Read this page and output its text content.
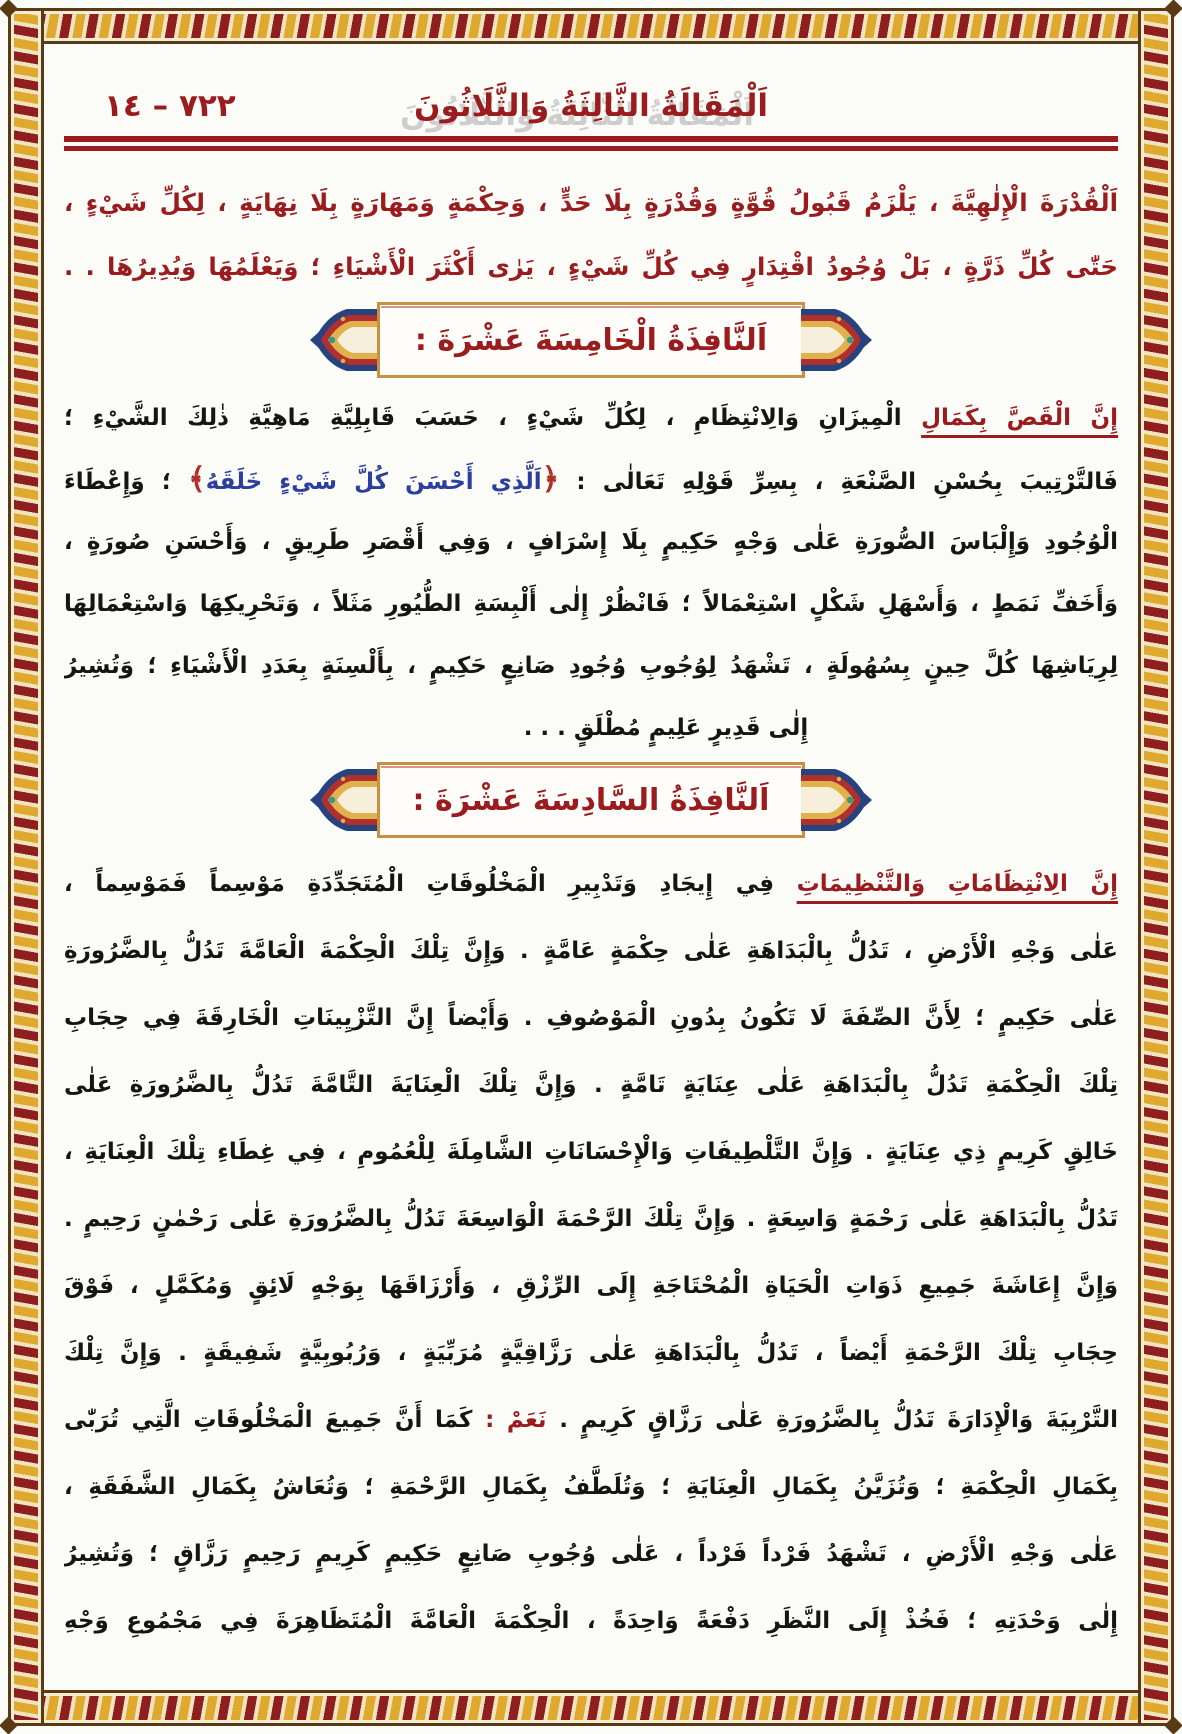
٧٢٢ – ١٤	اَلْمَقَالَةُ الثَّالِثَةُ وَالثَّلَاثُونَ
اَلْقُدْرَةَ الْإِلٰهِيَّةَ ، يَلْزَمُ قَبُولُ قُوَّةٍ وَقُدْرَةٍ بِلَا حَدٍّ ، وَحِكْمَةٍ وَمَهَارَةٍ بِلَا نِهَايَةٍ ، لِكُلِّ شَيْءٍ ،
حَتّٰى كُلِّ ذَرَّةٍ ، بَلْ وُجُودُ اقْتِدَارٍ فِي كُلِّ شَيْءٍ ، يَرٰى أَكْثَرَ الْأَشْيَاءِ ؛ وَيَعْلَمُهَا وَيُدِيرُهَا . .
اَلنَّافِذَةُ الْخَامِسَةَ عَشْرَةَ :
إِنَّ الْقَصَّ بِكَمَالِ الْمِيزَانِ وَالِانْتِظَامِ ، لِكُلِّ شَيْءٍ ، حَسَبَ قَابِلِيَّةِ مَاهِيَّةِ ذٰلِكَ الشَّيْءِ ؛
فَالتَّرْتِيبَ بِحُسْنِ الصَّنْعَةِ ، بِسِرِّ قَوْلِهِ تَعَالٰى : ﴿اَلَّذِي أَحْسَنَ كُلَّ شَيْءٍ خَلَقَهُ﴾ ؛ وَإِعْطَاءَ
الْوُجُودِ وَإِلْبَاسَ الصُّورَةِ عَلٰى وَجْهٍ حَكِيمٍ بِلَا إِسْرَافٍ ، وَفِي أَقْصَرِ طَرِيقٍ ، وَأَحْسَنِ صُورَةٍ ،
وَأَخَفِّ نَمَطٍ ، وَأَسْهَلِ شَكْلٍ اسْتِعْمَالاً ؛ فَانْظُرْ إِلٰى أَلْبِسَةِ الطُّيُورِ مَثَلاً ، وَتَحْرِيكِهَا وَاسْتِعْمَالِهَا
لِرِيَاشِهَا كُلَّ حِينٍ بِسُهُولَةٍ ، تَشْهَدُ لِوُجُوبِ وُجُودِ صَانِعٍ حَكِيمٍ ، بِأَلْسِنَةٍ بِعَدَدِ الْأَشْيَاءِ ؛ وَتُشِيرُ
إِلٰى قَدِيرٍ عَلِيمٍ مُطْلَقٍ . . .
اَلنَّافِذَةُ السَّادِسَةَ عَشْرَةَ :
إِنَّ الِانْتِظَامَاتِ وَالتَّنْظِيمَاتِ فِي إِيجَادِ وَتَدْبِيرِ الْمَخْلُوقَاتِ الْمُتَجَدِّدَةِ مَوْسِماً فَمَوْسِماً ،
عَلٰى وَجْهِ الْأَرْضِ ، تَدُلُّ بِالْبَدَاهَةِ عَلٰى حِكْمَةٍ عَامَّةٍ . وَإِنَّ تِلْكَ الْحِكْمَةَ الْعَامَّةَ تَدُلُّ بِالضَّرُورَةِ
عَلٰى حَكِيمٍ ؛ لِأَنَّ الصِّفَةَ لَا تَكُونُ بِدُونِ الْمَوْصُوفِ . وَأَيْضاً إِنَّ التَّزْيِينَاتِ الْخَارِقَةَ فِي حِجَابِ
تِلْكَ الْحِكْمَةِ تَدُلُّ بِالْبَدَاهَةِ عَلٰى عِنَايَةٍ تَامَّةٍ . وَإِنَّ تِلْكَ الْعِنَايَةَ التَّامَّةَ تَدُلُّ بِالضَّرُورَةِ عَلٰى
خَالِقٍ كَرِيمٍ ذِي عِنَايَةٍ . وَإِنَّ التَّلْطِيفَاتِ وَالْإِحْسَانَاتِ الشَّامِلَةَ لِلْعُمُومِ ، فِي غِطَاءِ تِلْكَ الْعِنَايَةِ ،
تَدُلُّ بِالْبَدَاهَةِ عَلٰى رَحْمَةٍ وَاسِعَةٍ . وَإِنَّ تِلْكَ الرَّحْمَةَ الْوَاسِعَةَ تَدُلُّ بِالضَّرُورَةِ عَلٰى رَحْمٰنٍ رَحِيمٍ .
وَإِنَّ إِعَاشَةَ جَمِيعِ ذَوَاتِ الْحَيَاةِ الْمُحْتَاجَةِ إِلَى الرِّزْقِ ، وَأَرْزَاقَهَا بِوَجْهٍ لَائِقٍ وَمُكَمَّلٍ ، فَوْقَ
حِجَابِ تِلْكَ الرَّحْمَةِ أَيْضاً ، تَدُلُّ بِالْبَدَاهَةِ عَلٰى رَزَّاقِيَّةٍ مُرَبِّيَةٍ ، وَرُبُوبِيَّةٍ شَفِيقَةٍ . وَإِنَّ تِلْكَ
التَّرْبِيَةَ وَالْإِدَارَةَ تَدُلُّ بِالضَّرُورَةِ عَلٰى رَزَّاقٍ كَرِيمٍ . نَعَمْ : كَمَا أَنَّ جَمِيعَ الْمَخْلُوقَاتِ الَّتِي تُرَبّٰى
بِكَمَالِ الْحِكْمَةِ ؛ وَتُزَيَّنُ بِكَمَالِ الْعِنَايَةِ ؛ وَتُلَطَّفُ بِكَمَالِ الرَّحْمَةِ ؛ وَتُعَاشُ بِكَمَالِ الشَّفَقَةِ ،
عَلٰى وَجْهِ الْأَرْضِ ، تَشْهَدُ فَرْداً فَرْداً ، عَلٰى وُجُوبِ صَانِعٍ حَكِيمٍ كَرِيمٍ رَحِيمٍ رَزَّاقٍ ؛ وَتُشِيرُ
إِلٰى وَحْدَتِهِ ؛ فَخُذْ إِلَى النَّظَرِ دَفْعَةً وَاحِدَةً ، الْحِكْمَةَ الْعَامَّةَ الْمُتَظَاهِرَةَ فِي مَجْمُوعِ وَجْهِ
